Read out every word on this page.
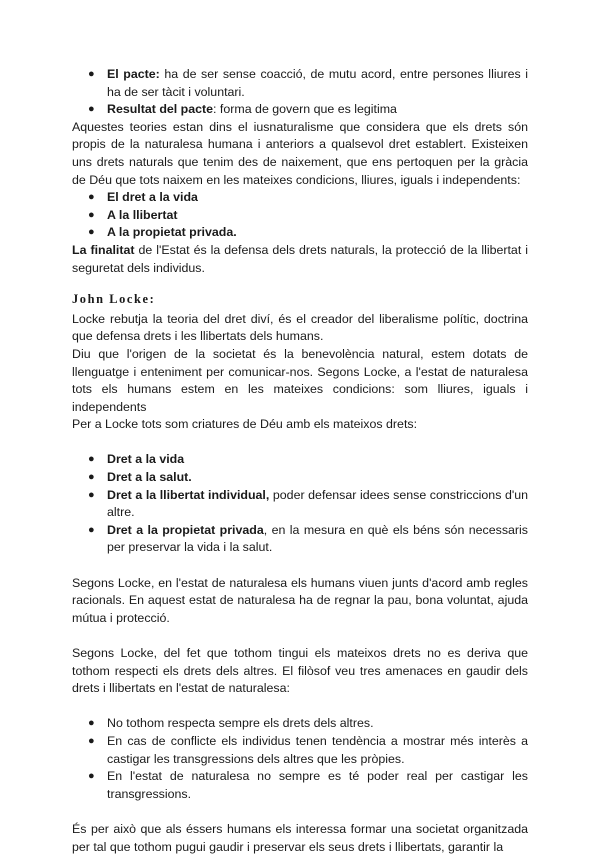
● El pacte: ha de ser sense coacció, de mutu acord, entre persones lliures i ha de ser tàcit i voluntari.
● Resultat del pacte: forma de govern que es legitima

Aquestes teories estan dins el iusnaturalisme que considera que els drets són propis de la naturalesa humana i anteriors a qualsevol dret establert. Existeixen uns drets naturals que tenim des de naixement, que ens pertoquen per la gràcia de Déu que tots naixem en les mateixes condicions, lliures, iguals i independents:

● El dret a la vida
● A la llibertat
● A la propietat privada.

La finalitat de l'Estat és la defensa dels drets naturals, la protecció de la llibertat i seguretat dels individus.

John Locke:

Locke rebutja la teoria del dret diví, és el creador del liberalisme polític, doctrina que defensa drets i les llibertats dels humans.

Diu que l'origen de la societat és la benevolència natural, estem dotats de llenguatge i enteniment per comunicar-nos. Segons Locke, a l'estat de naturalesa tots els humans estem en les mateixes condicions: som lliures, iguals i independents

Per a Locke tots som criatures de Déu amb els mateixos drets:

● Dret a la vida
● Dret a la salut.
● Dret a la llibertat individual, poder defensar idees sense constriccions d'un altre.
● Dret a la propietat privada, en la mesura en què els béns són necessaris per preservar la vida i la salut.

Segons Locke, en l'estat de naturalesa els humans viuen junts d'acord amb regles racionals. En aquest estat de naturalesa ha de regnar la pau, bona voluntat, ajuda mútua i protecció.

Segons Locke, del fet que tothom tingui els mateixos drets no es deriva que tothom respecti els drets dels altres. El filòsof veu tres amenaces en gaudir dels drets i llibertats en l'estat de naturalesa:

● No tothom respecta sempre els drets dels altres.
● En cas de conflicte els individus tenen tendència a mostrar més interès a castigar les transgressions dels altres que les pròpies.
● En l'estat de naturalesa no sempre es té poder real per castigar les transgressions.

És per això que als éssers humans els interessa formar una societat organitzada per tal que tothom pugui gaudir i preservar els seus drets i llibertats, garantir la
